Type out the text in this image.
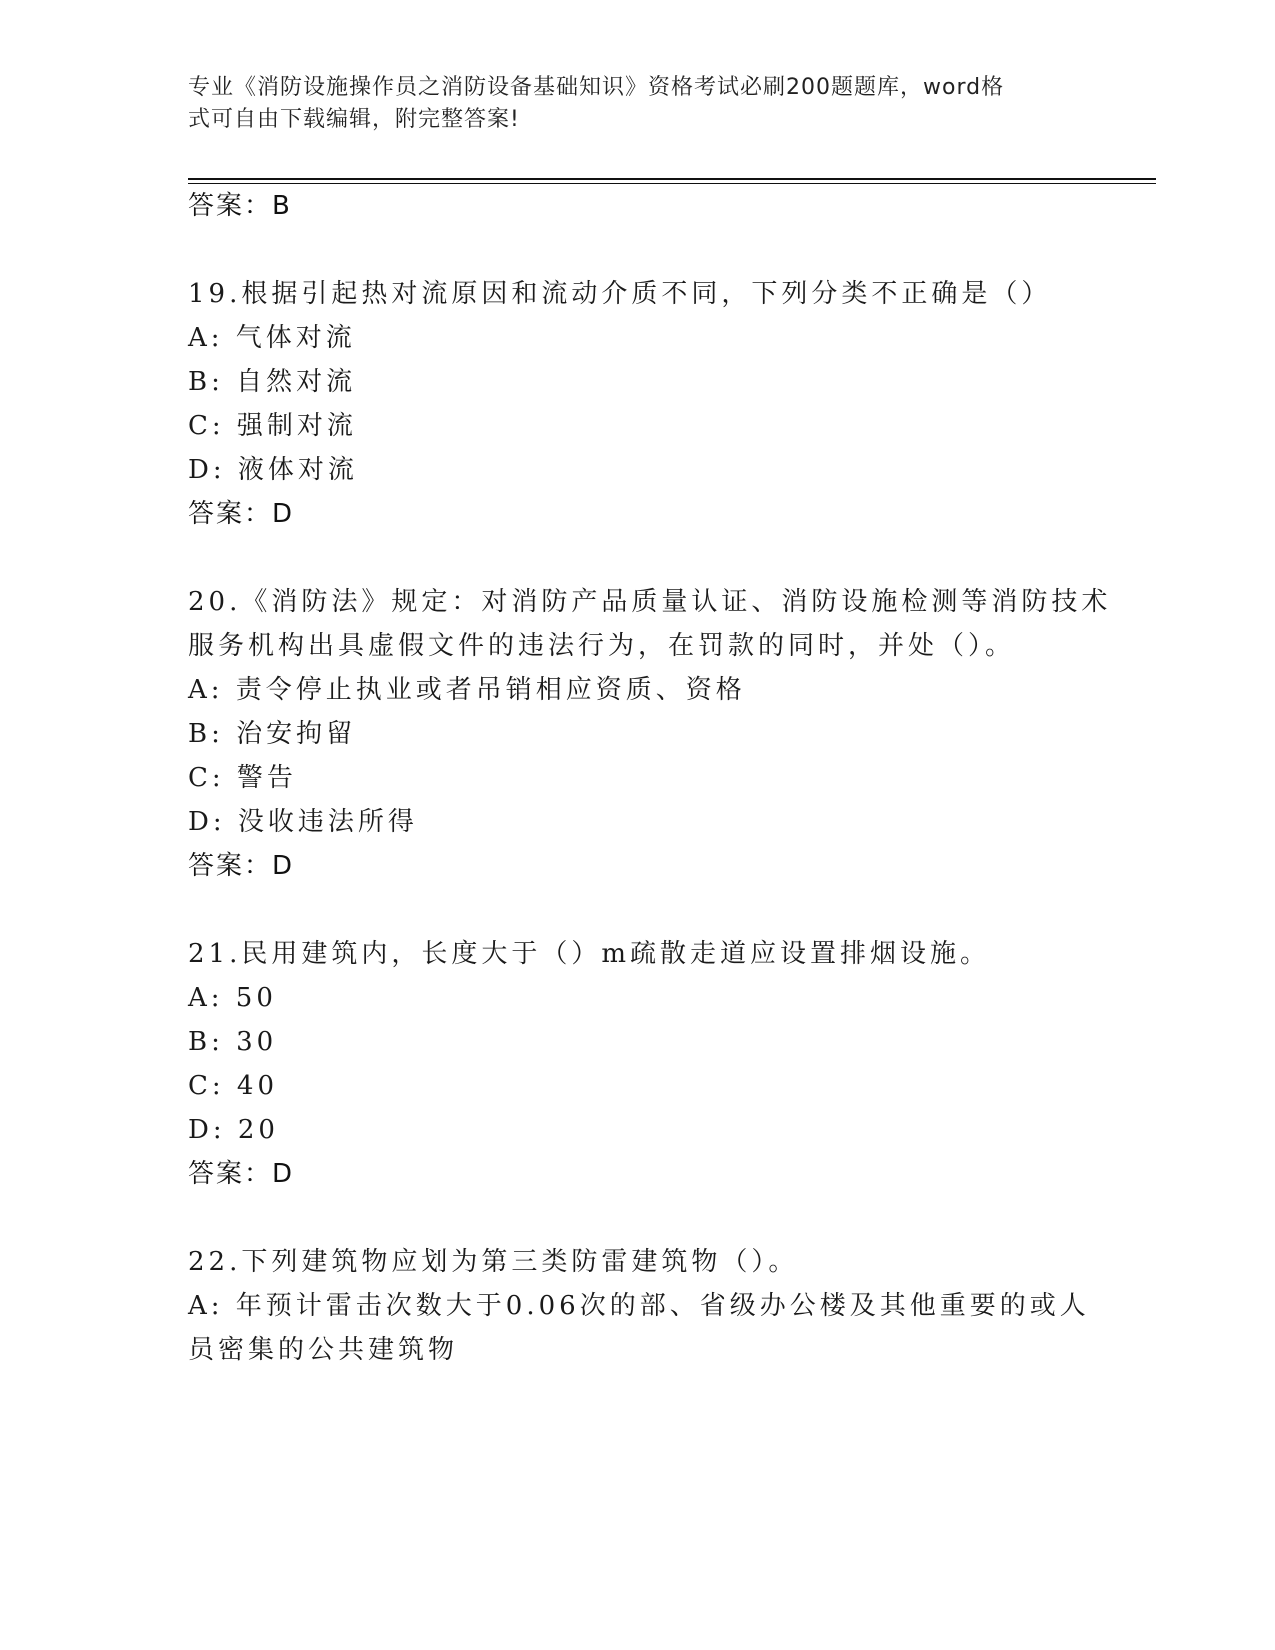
专业《消防设施操作员之消防设备基础知识》资格考试必刷200题题库，word格
式可自由下载编辑，附完整答案!
答案：B
19.根据引起热对流原因和流动介质不同，下列分类不正确是（）
A: 气体对流
B: 自然对流
C: 强制对流
D: 液体对流
答案：D
20.《消防法》规定：对消防产品质量认证、消防设施检测等消防技术
服务机构出具虚假文件的违法行为，在罚款的同时，并处（）。
A: 责令停止执业或者吊销相应资质、资格
B: 治安拘留
C: 警告
D: 没收违法所得
答案：D
21.民用建筑内，长度大于（）m疏散走道应设置排烟设施。
A: 50
B: 30
C: 40
D: 20
答案：D
22.下列建筑物应划为第三类防雷建筑物（）。
A: 年预计雷击次数大于0.06次的部、省级办公楼及其他重要的或人
员密集的公共建筑物
